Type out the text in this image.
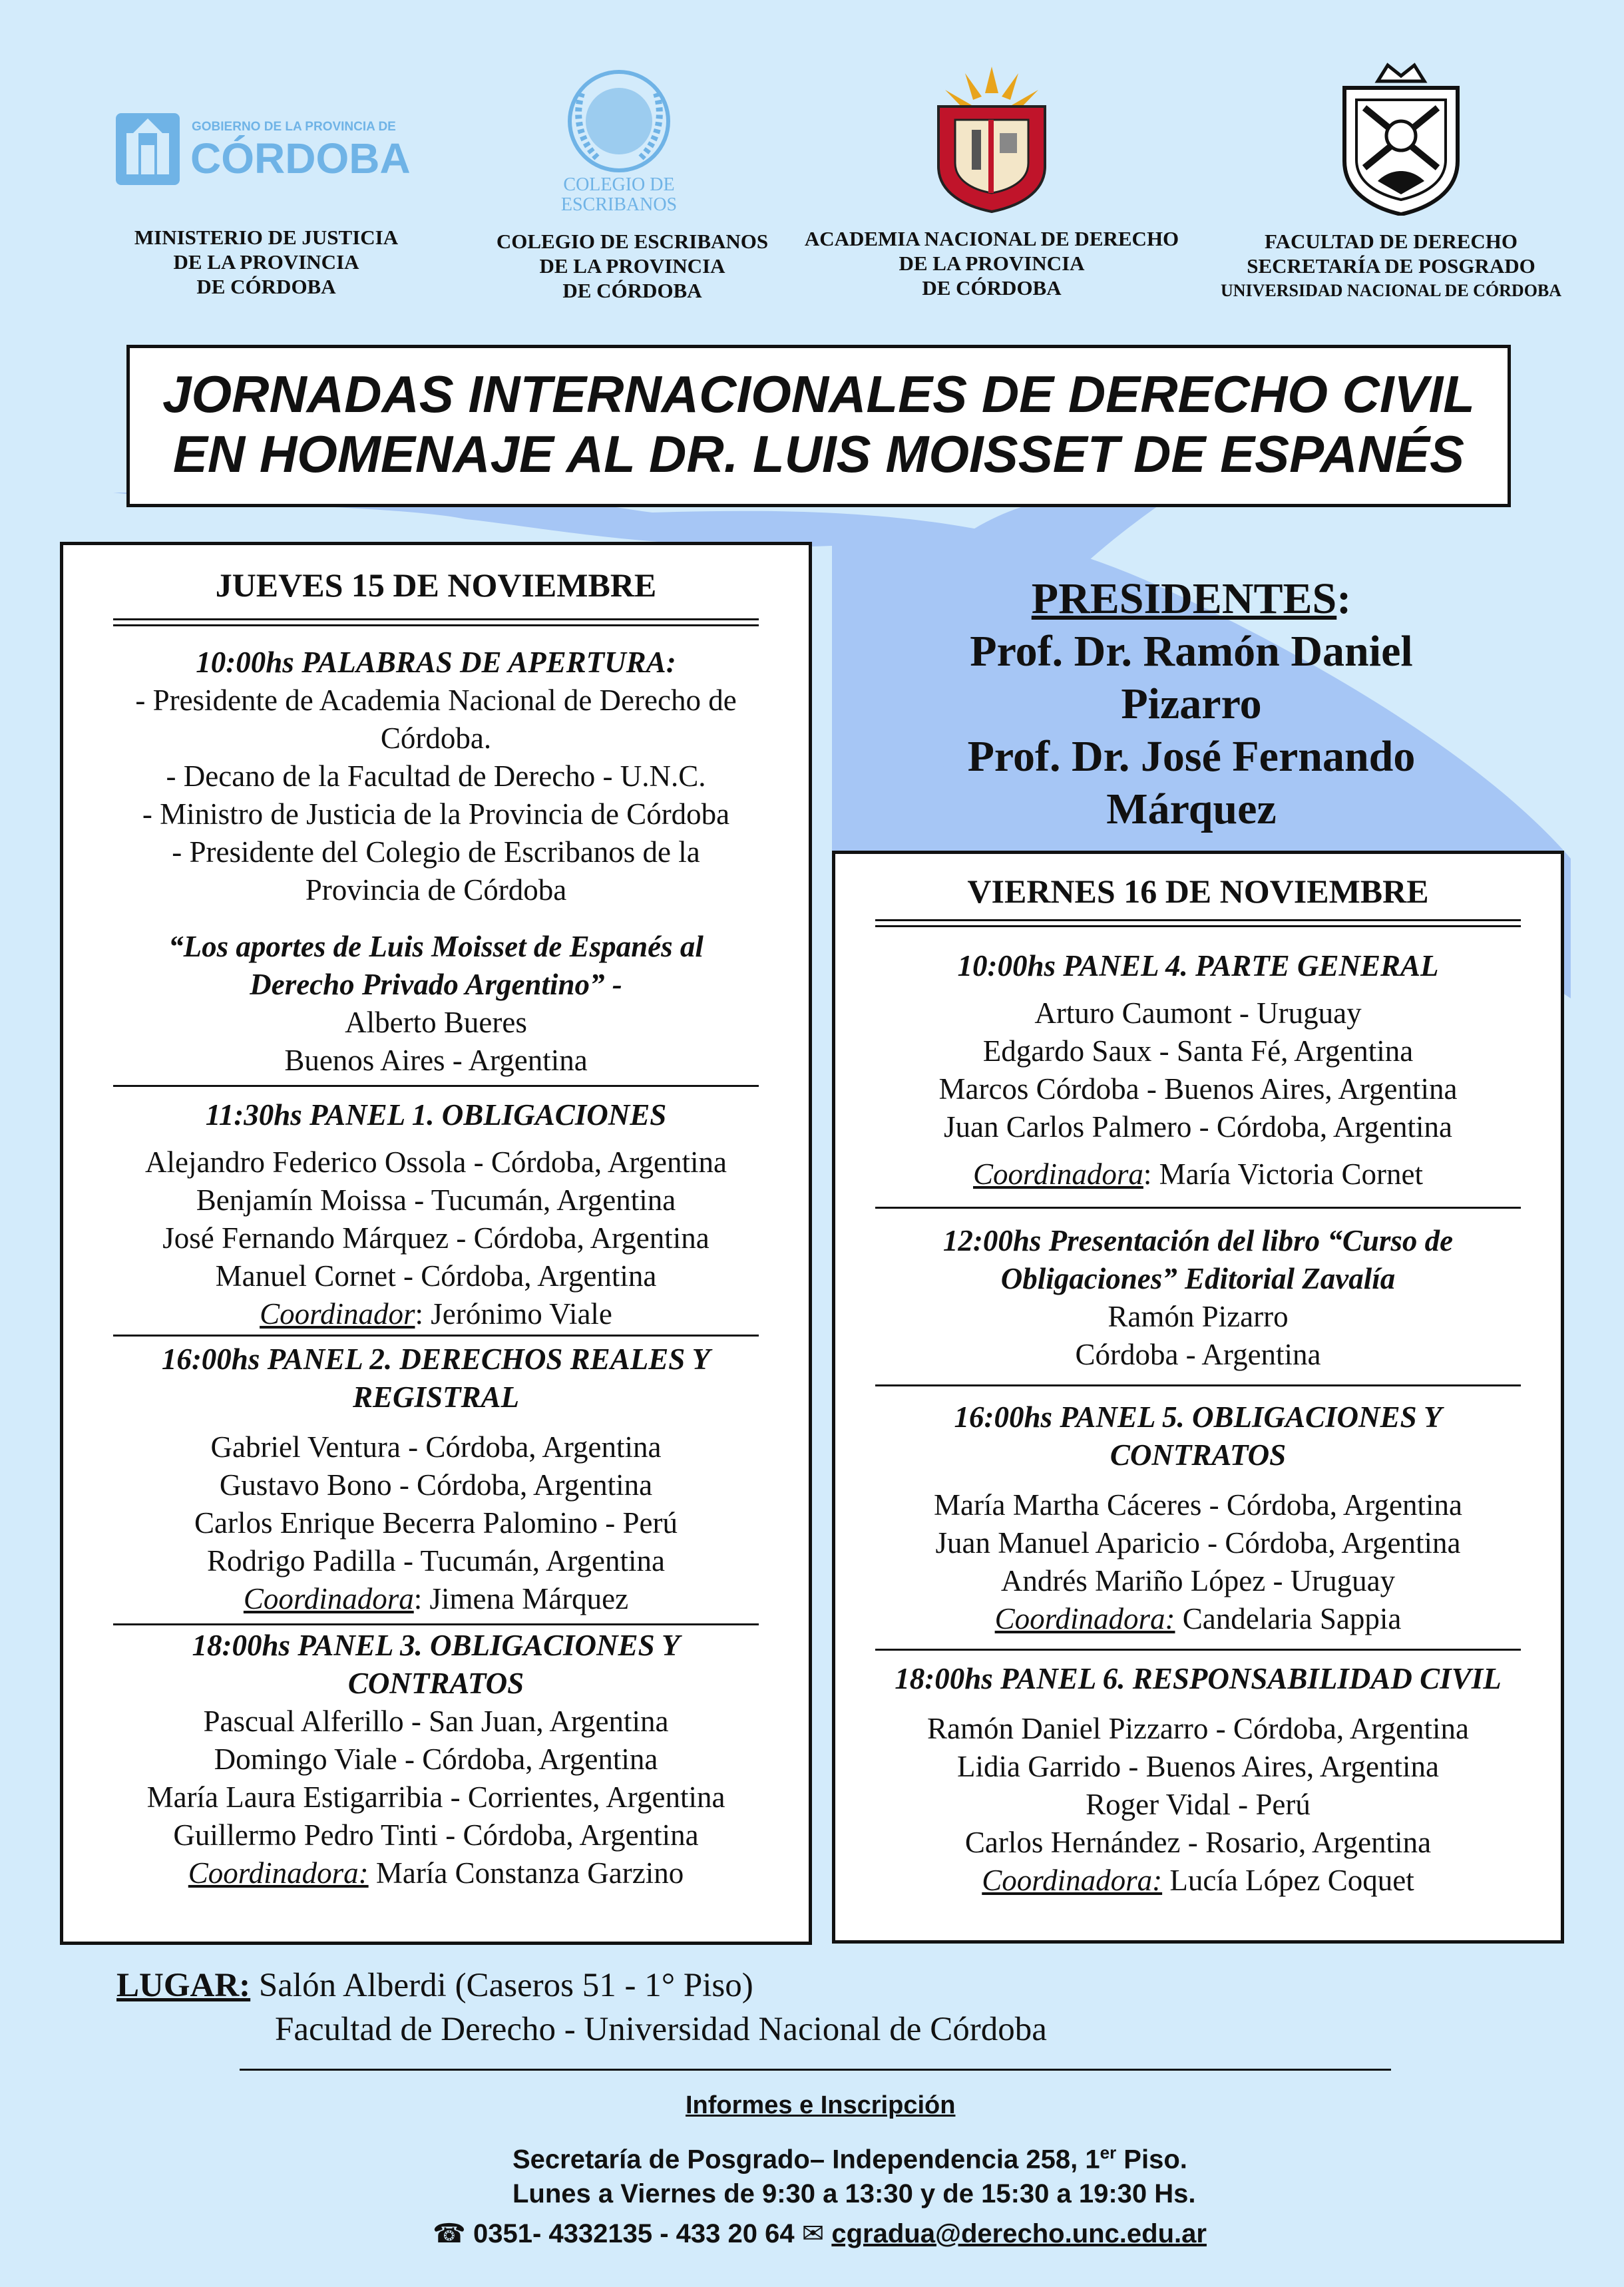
GOBIERNO DE LA PROVINCIA DE
CÓRDOBA
COLEGIO DE
ESCRIBANOS
MINISTERIO DE JUSTICIA
DE LA PROVINCIA
DE CÓRDOBA
COLEGIO DE ESCRIBANOS
DE LA PROVINCIA
DE CÓRDOBA
ACADEMIA NACIONAL DE DERECHO
DE LA PROVINCIA
DE CÓRDOBA
FACULTAD DE DERECHO
SECRETARÍA DE POSGRADO
UNIVERSIDAD NACIONAL DE CÓRDOBA
JORNADAS INTERNACIONALES DE DERECHO CIVIL
EN HOMENAJE AL DR. LUIS MOISSET DE ESPANÉS
JUEVES 15 DE NOVIEMBRE
10:00hs PALABRAS DE APERTURA:
- Presidente de Academia Nacional de Derecho de
Córdoba.
- Decano de la Facultad de Derecho - U.N.C.
- Ministro de Justicia de la Provincia de Córdoba
- Presidente del Colegio de Escribanos de la
Provincia de Córdoba
“Los aportes de Luis Moisset de Espanés al
Derecho Privado Argentino” -
Alberto Bueres
Buenos Aires - Argentina
11:30hs PANEL 1. OBLIGACIONES
Alejandro Federico Ossola - Córdoba, Argentina
Benjamín Moissa - Tucumán, Argentina
José Fernando Márquez - Córdoba, Argentina
Manuel Cornet - Córdoba, Argentina
Coordinador: Jerónimo Viale
16:00hs PANEL 2. DERECHOS REALES Y
REGISTRAL
Gabriel Ventura - Córdoba, Argentina
Gustavo Bono - Córdoba, Argentina
Carlos Enrique Becerra Palomino - Perú
Rodrigo Padilla - Tucumán, Argentina
Coordinadora: Jimena Márquez
18:00hs PANEL 3. OBLIGACIONES Y
CONTRATOS
Pascual Alferillo - San Juan, Argentina
Domingo Viale - Córdoba, Argentina
María Laura Estigarribia - Corrientes, Argentina
Guillermo Pedro Tinti - Córdoba, Argentina
Coordinadora: María Constanza Garzino
PRESIDENTES:
Prof. Dr. Ramón Daniel
Pizarro
Prof. Dr. José Fernando
Márquez
VIERNES 16 DE NOVIEMBRE
10:00hs PANEL 4. PARTE GENERAL
Arturo Caumont - Uruguay
Edgardo Saux - Santa Fé, Argentina
Marcos Córdoba - Buenos Aires, Argentina
Juan Carlos Palmero - Córdoba, Argentina
Coordinadora: María Victoria Cornet
12:00hs Presentación del libro “Curso de
Obligaciones” Editorial Zavalía
Ramón Pizarro
Córdoba - Argentina
16:00hs PANEL 5. OBLIGACIONES Y
CONTRATOS
María Martha Cáceres - Córdoba, Argentina
Juan Manuel Aparicio - Córdoba, Argentina
Andrés Mariño López - Uruguay
Coordinadora: Candelaria Sappia
18:00hs PANEL 6. RESPONSABILIDAD CIVIL
Ramón Daniel Pizzarro - Córdoba, Argentina
Lidia Garrido - Buenos Aires, Argentina
Roger Vidal - Perú
Carlos Hernández - Rosario, Argentina
Coordinadora: Lucía López Coquet
LUGAR: Salón Alberdi (Caseros 51 - 1° Piso)
Facultad de Derecho - Universidad Nacional de Córdoba
Informes e Inscripción
Secretaría de Posgrado– Independencia 258, 1er Piso.
Lunes a Viernes de 9:30 a 13:30 y de 15:30 a 19:30 Hs.
☎ 0351- 4332135 - 433 20 64 ✉ cgradua@derecho.unc.edu.ar
